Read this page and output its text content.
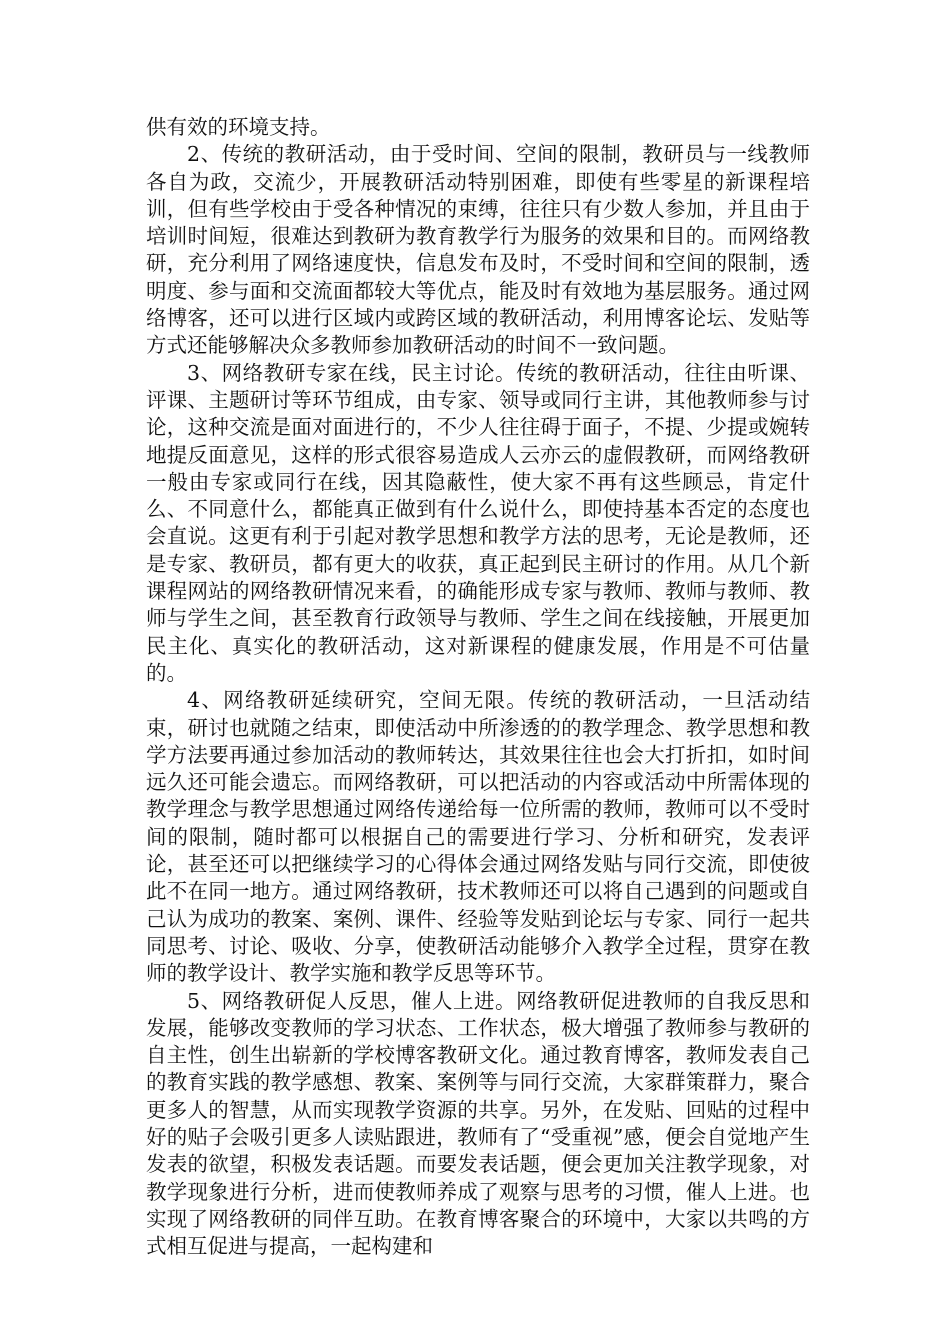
供有效的环境支持。

2、传统的教研活动，由于受时间、空间的限制，教研员与一线教师各自为政，交流少，开展教研活动特别困难，即使有些零星的新课程培训，但有些学校由于受各种情况的束缚，往往只有少数人参加，并且由于培训时间短，很难达到教研为教育教学行为服务的效果和目的。而网络教研，充分利用了网络速度快，信息发布及时，不受时间和空间的限制，透明度、参与面和交流面都较大等优点，能及时有效地为基层服务。通过网络博客，还可以进行区域内或跨区域的教研活动，利用博客论坛、发贴等方式还能够解决众多教师参加教研活动的时间不一致问题。

3、网络教研专家在线，民主讨论。传统的教研活动，往往由听课、评课、主题研讨等环节组成，由专家、领导或同行主讲，其他教师参与讨论，这种交流是面对面进行的，不少人往往碍于面子，不提、少提或婉转地提反面意见，这样的形式很容易造成人云亦云的虚假教研，而网络教研一般由专家或同行在线，因其隐蔽性，使大家不再有这些顾忌，肯定什么、不同意什么，都能真正做到有什么说什么，即使持基本否定的态度也会直说。这更有利于引起对教学思想和教学方法的思考，无论是教师，还是专家、教研员，都有更大的收获，真正起到民主研讨的作用。从几个新课程网站的网络教研情况来看，的确能形成专家与教师、教师与教师、教师与学生之间，甚至教育行政领导与教师、学生之间在线接触，开展更加民主化、真实化的教研活动，这对新课程的健康发展，作用是不可估量的。

4、网络教研延续研究，空间无限。传统的教研活动，一旦活动结束，研讨也就随之结束，即使活动中所渗透的的教学理念、教学思想和教学方法要再通过参加活动的教师转达，其效果往往也会大打折扣，如时间远久还可能会遗忘。而网络教研，可以把活动的内容或活动中所需体现的教学理念与教学思想通过网络传递给每一位所需的教师，教师可以不受时间的限制，随时都可以根据自己的需要进行学习、分析和研究，发表评论，甚至还可以把继续学习的心得体会通过网络发贴与同行交流，即使彼此不在同一地方。通过网络教研，技术教师还可以将自己遇到的问题或自己认为成功的教案、案例、课件、经验等发贴到论坛与专家、同行一起共同思考、讨论、吸收、分享，使教研活动能够介入教学全过程，贯穿在教师的教学设计、教学实施和教学反思等环节。

5、网络教研促人反思，催人上进。网络教研促进教师的自我反思和发展，能够改变教师的学习状态、工作状态，极大增强了教师参与教研的自主性，创生出崭新的学校博客教研文化。通过教育博客，教师发表自己的教育实践的教学感想、教案、案例等与同行交流，大家群策群力，聚合更多人的智慧，从而实现教学资源的共享。另外，在发贴、回贴的过程中好的贴子会吸引更多人读贴跟进，教师有了“受重视”感，便会自觉地产生发表的欲望，积极发表话题。而要发表话题，便会更加关注教学现象，对教学现象进行分析，进而使教师养成了观察与思考的习惯，催人上进。也实现了网络教研的同伴互助。在教育博客聚合的环境中，大家以共鸣的方式相互促进与提高，一起构建和
